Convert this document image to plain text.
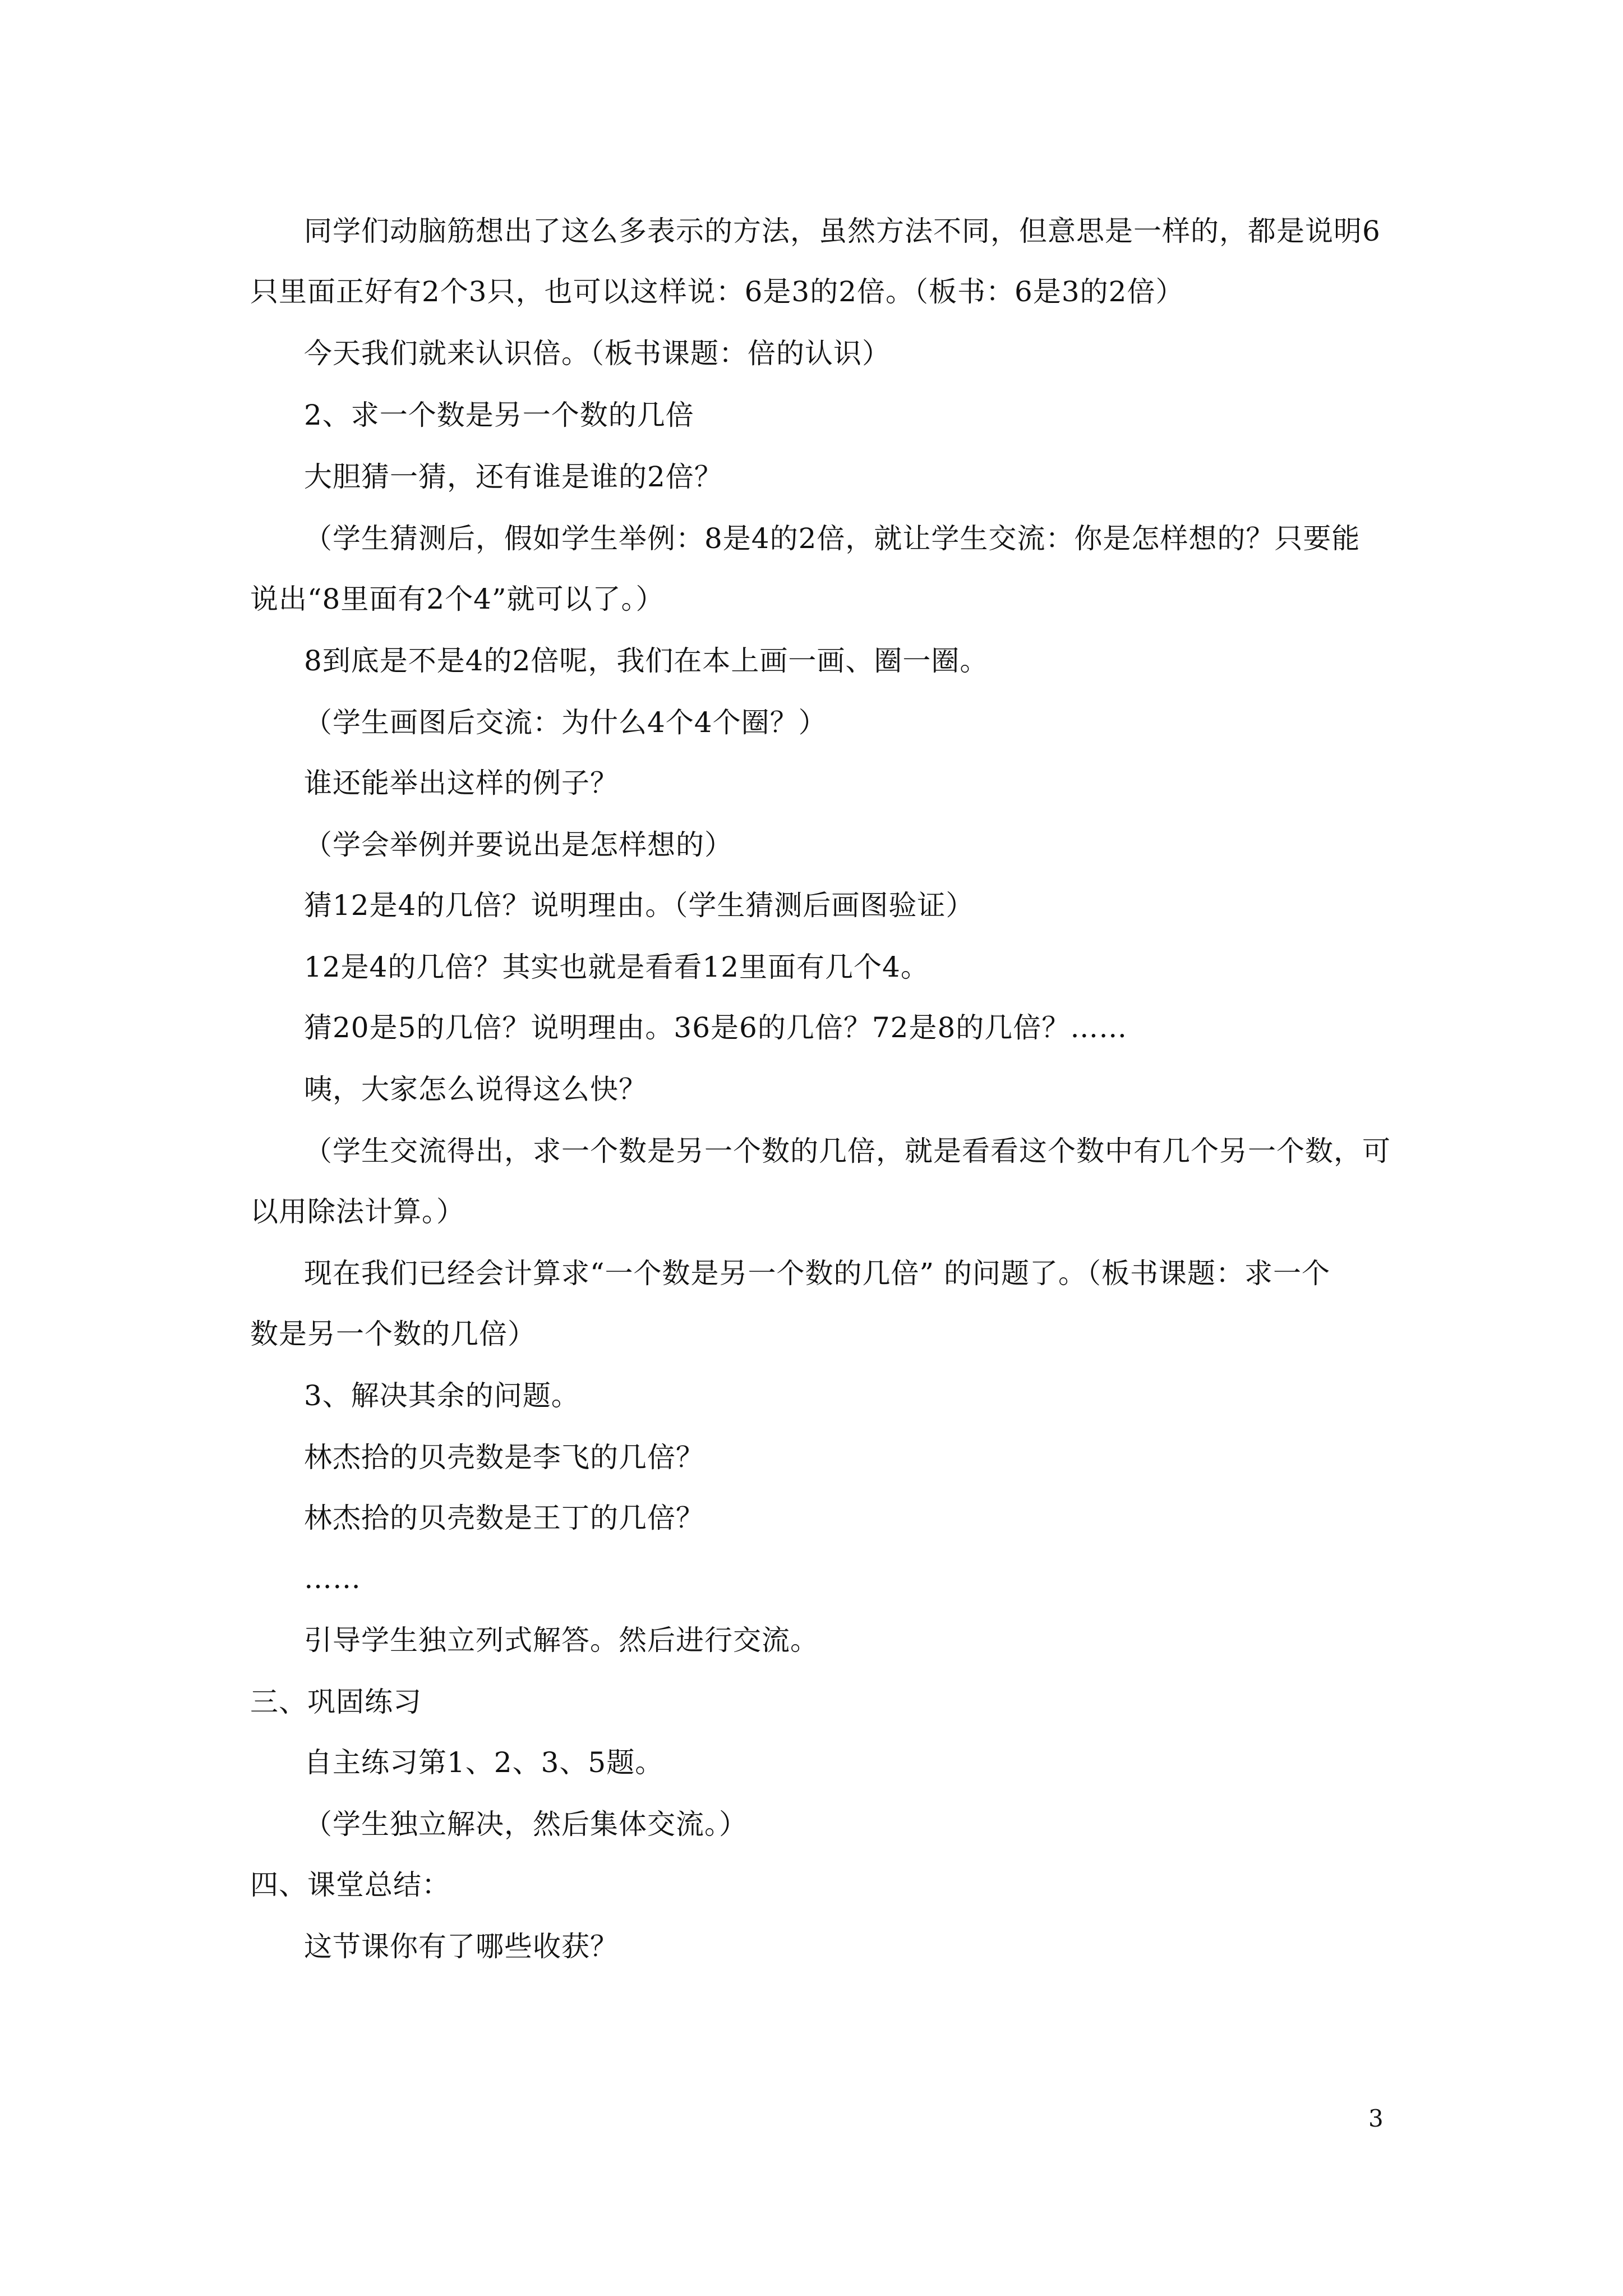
同学们动脑筋想出了这么多表示的方法，虽然方法不同，但意思是一样的，都是说明6
只里面正好有2个3只，也可以这样说：6是3的2倍。（板书：6是3的2倍）
今天我们就来认识倍。（板书课题：倍的认识）
2、求一个数是另一个数的几倍
大胆猜一猜，还有谁是谁的2倍？
（学生猜测后，假如学生举例：8是4的2倍，就让学生交流：你是怎样想的？只要能
说出“8里面有2个4”就可以了。）
8到底是不是4的2倍呢，我们在本上画一画、圈一圈。
（学生画图后交流：为什么4个4个圈？）
谁还能举出这样的例子？
（学会举例并要说出是怎样想的）
猜12是4的几倍？说明理由。（学生猜测后画图验证）
12是4的几倍？其实也就是看看12里面有几个4。
猜20是5的几倍？说明理由。36是6的几倍？72是8的几倍？……
咦，大家怎么说得这么快？
（学生交流得出，求一个数是另一个数的几倍，就是看看这个数中有几个另一个数，可
以用除法计算。）
现在我们已经会计算求“一个数是另一个数的几倍” 的问题了。（板书课题：求一个
数是另一个数的几倍）
3、解决其余的问题。
林杰拾的贝壳数是李飞的几倍？
林杰拾的贝壳数是王丁的几倍？
……
引导学生独立列式解答。然后进行交流。
三、巩固练习
自主练习第1、2、3、5题。
（学生独立解决，然后集体交流。）
四、课堂总结：
这节课你有了哪些收获？
3
